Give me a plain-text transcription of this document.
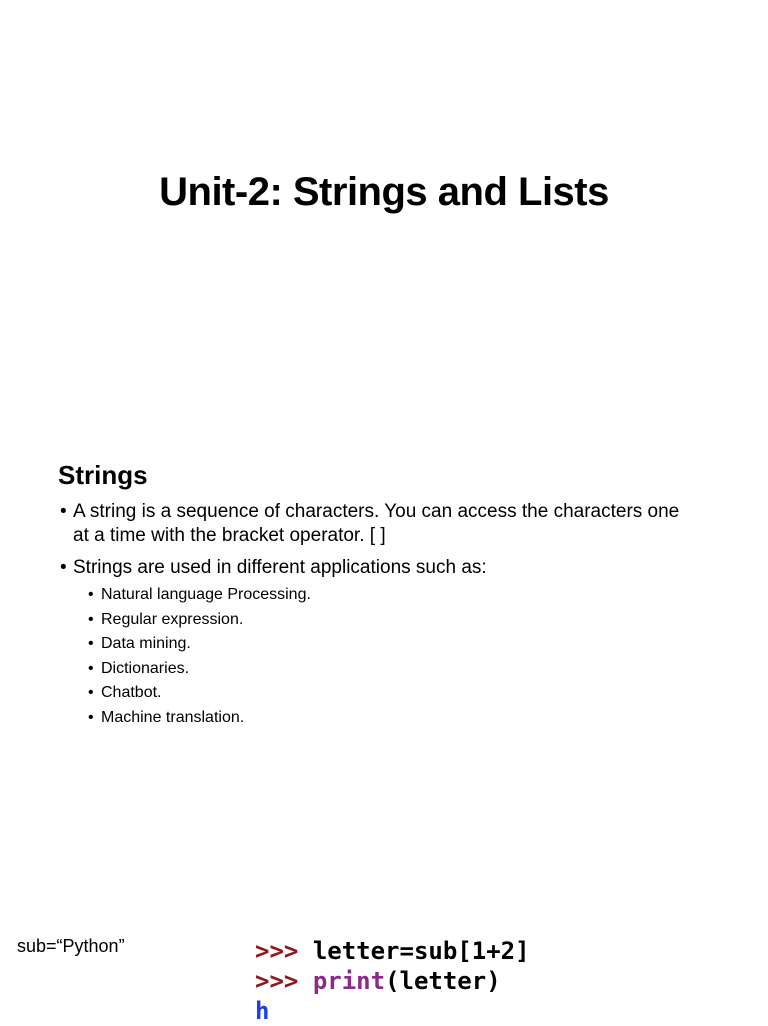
Unit-2: Strings and Lists
Strings
• A string is a sequence of characters. You can access the characters one at a time with the bracket operator. [ ]
• Strings are used in different applications such as:
• Natural language Processing.
• Regular expression.
• Data mining.
• Dictionaries.
• Chatbot.
• Machine translation.
sub=“Python”	>>> letter=sub[1+2]
>>> print(letter)
h
